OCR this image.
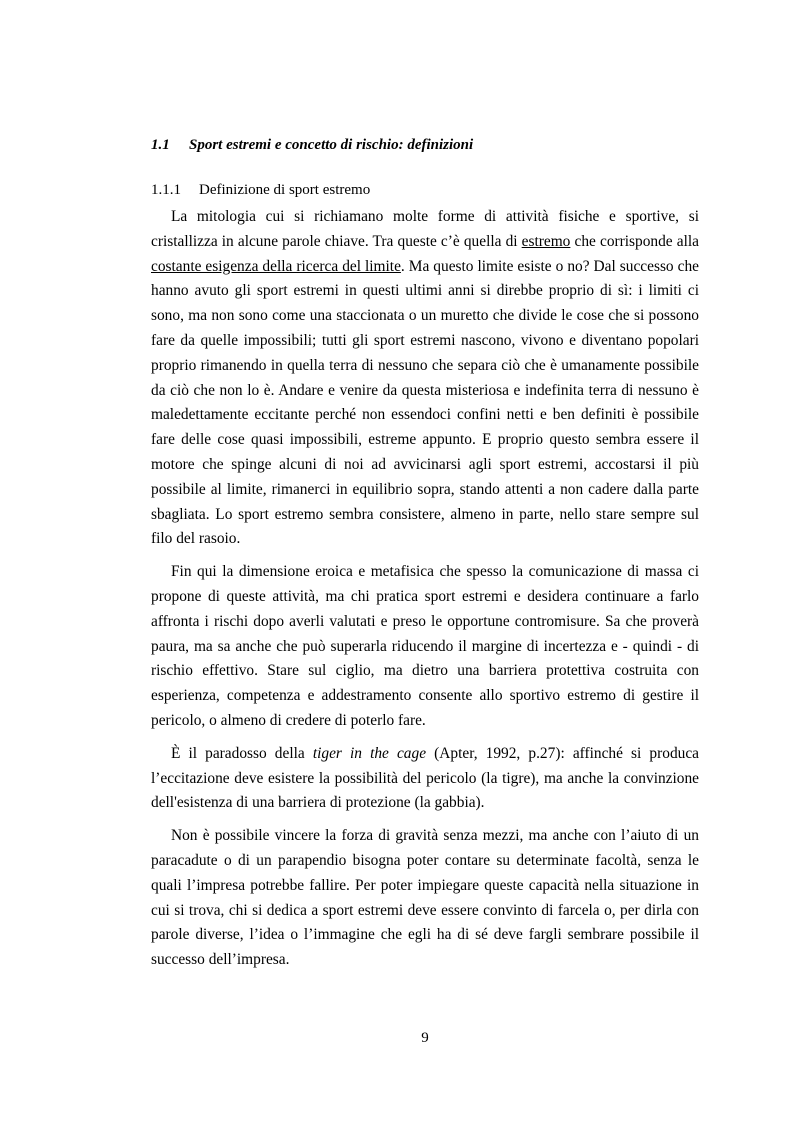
1.1 Sport estremi e concetto di rischio: definizioni
1.1.1 Definizione di sport estremo

La mitologia cui si richiamano molte forme di attività fisiche e sportive, si cristallizza in alcune parole chiave. Tra queste c’è quella di estremo che corrisponde alla costante esigenza della ricerca del limite. Ma questo limite esiste o no? Dal successo che hanno avuto gli sport estremi in questi ultimi anni si direbbe proprio di sì: i limiti ci sono, ma non sono come una staccionata o un muretto che divide le cose che si possono fare da quelle impossibili; tutti gli sport estremi nascono, vivono e diventano popolari proprio rimanendo in quella terra di nessuno che separa ciò che è umanamente possibile da ciò che non lo è. Andare e venire da questa misteriosa e indefinita terra di nessuno è maledettamente eccitante perché non essendoci confini netti e ben definiti è possibile fare delle cose quasi impossibili, estreme appunto. E proprio questo sembra essere il motore che spinge alcuni di noi ad avvicinarsi agli sport estremi, accostarsi il più possibile al limite, rimanerci in equilibrio sopra, stando attenti a non cadere dalla parte sbagliata. Lo sport estremo sembra consistere, almeno in parte, nello stare sempre sul filo del rasoio.

Fin qui la dimensione eroica e metafisica che spesso la comunicazione di massa ci propone di queste attività, ma chi pratica sport estremi e desidera continuare a farlo affronta i rischi dopo averli valutati e preso le opportune contromisure. Sa che proverà paura, ma sa anche che può superarla riducendo il margine di incertezza e - quindi - di rischio effettivo. Stare sul ciglio, ma dietro una barriera protettiva costruita con esperienza, competenza e addestramento consente allo sportivo estremo di gestire il pericolo, o almeno di credere di poterlo fare.

È il paradosso della tiger in the cage (Apter, 1992, p.27): affinché si produca l’eccitazione deve esistere la possibilità del pericolo (la tigre), ma anche la convinzione dell'esistenza di una barriera di protezione (la gabbia).

Non è possibile vincere la forza di gravità senza mezzi, ma anche con l’aiuto di un paracadute o di un parapendio bisogna poter contare su determinate facoltà, senza le quali l’impresa potrebbe fallire. Per poter impiegare queste capacità nella situazione in cui si trova, chi si dedica a sport estremi deve essere convinto di farcela o, per dirla con parole diverse, l’idea o l’immagine che egli ha di sé deve fargli sembrare possibile il successo dell’impresa.

9
